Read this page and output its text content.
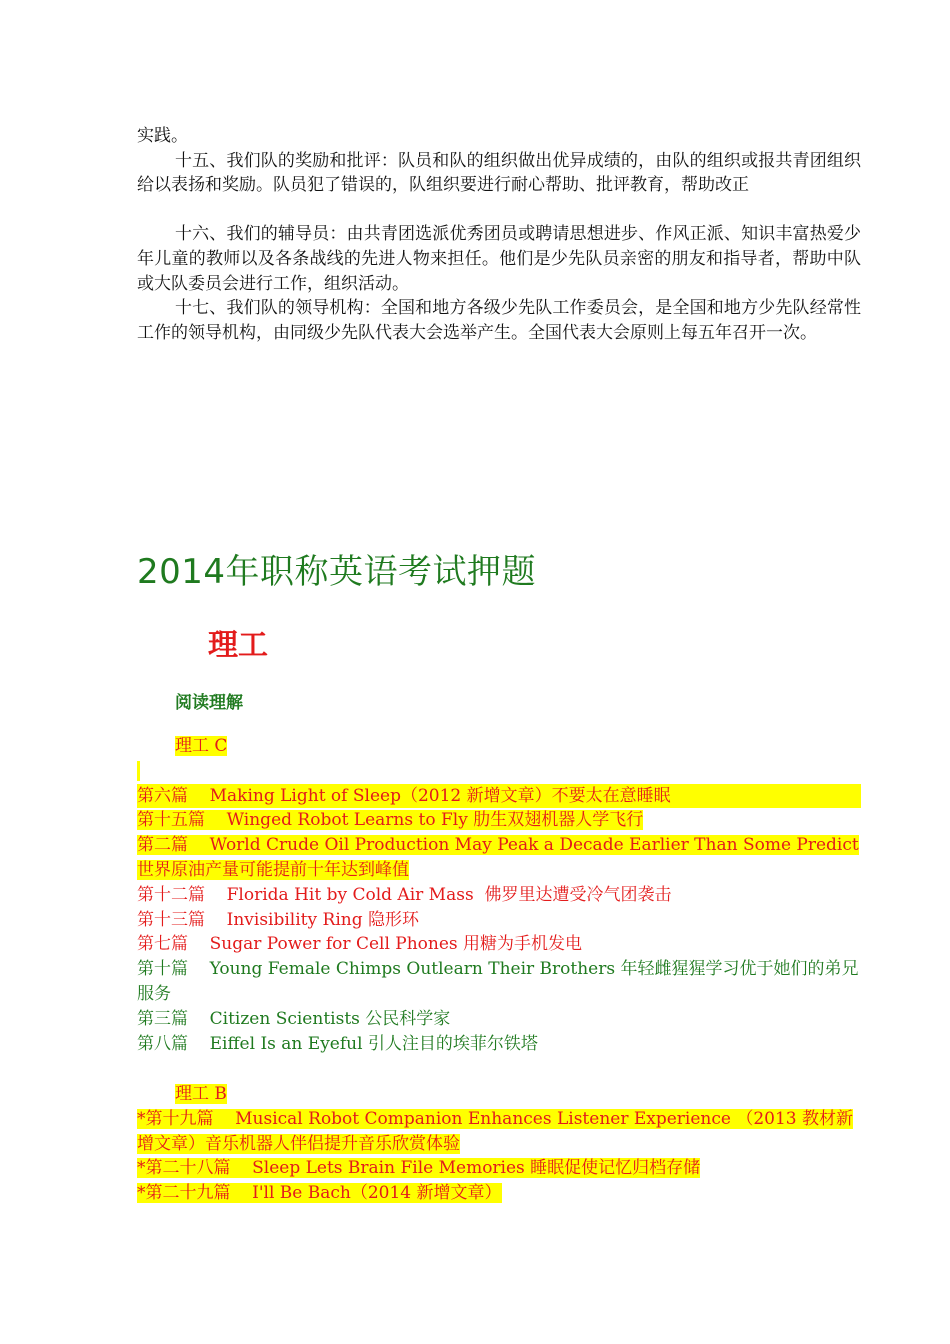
实践。

十五、我们队的奖励和批评：队员和队的组织做出优异成绩的，由队的组织或报共青团组织给以表扬和奖励。队员犯了错误的，队组织要进行耐心帮助、批评教育，帮助改正

十六、我们的辅导员：由共青团选派优秀团员或聘请思想进步、作风正派、知识丰富热爱少年儿童的教师以及各条战线的先进人物来担任。他们是少先队员亲密的朋友和指导者，帮助中队或大队委员会进行工作，组织活动。

十七、我们队的领导机构：全国和地方各级少先队工作委员会，是全国和地方少先队经常性工作的领导机构，由同级少先队代表大会选举产生。全国代表大会原则上每五年召开一次。

2014年职称英语考试押题
理工
阅读理解

理工 C

第六篇 Making Light of Sleep（2012 新增文章）不要太在意睡眠

第十五篇 Winged Robot Learns to Fly 肋生双翅机器人学飞行

第二篇 World Crude Oil Production May Peak a Decade Earlier Than Some Predict 世界原油产量可能提前十年达到峰值

第十二篇 Florida Hit by Cold Air Mass  佛罗里达遭受冷气团袭击

第十三篇 Invisibility Ring 隐形环

第七篇 Sugar Power for Cell Phones 用糖为手机发电

第十篇 Young Female Chimps Outlearn Their Brothers 年轻雌猩猩学习优于她们的弟兄服务

第三篇 Citizen Scientists 公民科学家

第八篇 Eiffel Is an Eyeful 引人注目的埃菲尔铁塔

理工 B

*第十九篇 Musical Robot Companion Enhances Listener Experience （2013 教材新增文章）音乐机器人伴侣提升音乐欣赏体验

*第二十八篇 Sleep Lets Brain File Memories 睡眠促使记忆归档存储

*第二十九篇 I'll Be Bach（2014 新增文章）
